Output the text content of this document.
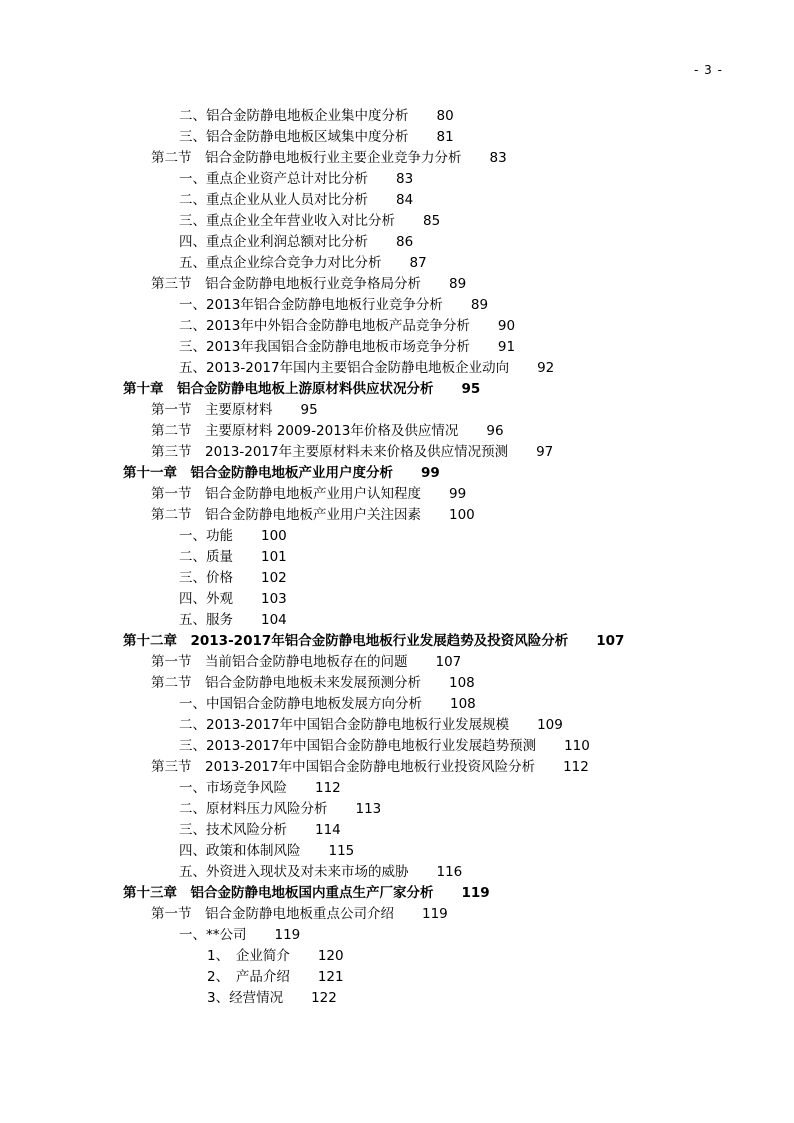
- 3 -
二、铝合金防静电地板企业集中度分析 80
三、铝合金防静电地板区域集中度分析 81
第二节　铝合金防静电地板行业主要企业竞争力分析 83
一、重点企业资产总计对比分析 83
二、重点企业从业人员对比分析 84
三、重点企业全年营业收入对比分析 85
四、重点企业利润总额对比分析 86
五、重点企业综合竞争力对比分析 87
第三节　铝合金防静电地板行业竞争格局分析 89
一、2013年铝合金防静电地板行业竞争分析 89
二、2013年中外铝合金防静电地板产品竞争分析 90
三、2013年我国铝合金防静电地板市场竞争分析 91
五、2013-2017年国内主要铝合金防静电地板企业动向 92
第十章　铝合金防静电地板上游原材料供应状况分析 95
第一节　主要原材料 95
第二节　主要原材料 2009-2013年价格及供应情况 96
第三节　2013-2017年主要原材料未来价格及供应情况预测 97
第十一章　铝合金防静电地板产业用户度分析 99
第一节　铝合金防静电地板产业用户认知程度 99
第二节　铝合金防静电地板产业用户关注因素 100
一、功能 100
二、质量 101
三、价格 102
四、外观 103
五、服务 104
第十二章　2013-2017年铝合金防静电地板行业发展趋势及投资风险分析 107
第一节　当前铝合金防静电地板存在的问题 107
第二节　铝合金防静电地板未来发展预测分析 108
一、中国铝合金防静电地板发展方向分析 108
二、2013-2017年中国铝合金防静电地板行业发展规模 109
三、2013-2017年中国铝合金防静电地板行业发展趋势预测 110
第三节　2013-2017年中国铝合金防静电地板行业投资风险分析 112
一、市场竞争风险 112
二、原材料压力风险分析 113
三、技术风险分析 114
四、政策和体制风险 115
五、外资进入现状及对未来市场的威胁 116
第十三章　铝合金防静电地板国内重点生产厂家分析 119
第一节　铝合金防静电地板重点公司介绍 119
一、**公司 119
1、　企业简介 120
2、　产品介绍 121
3、经营情况 122
